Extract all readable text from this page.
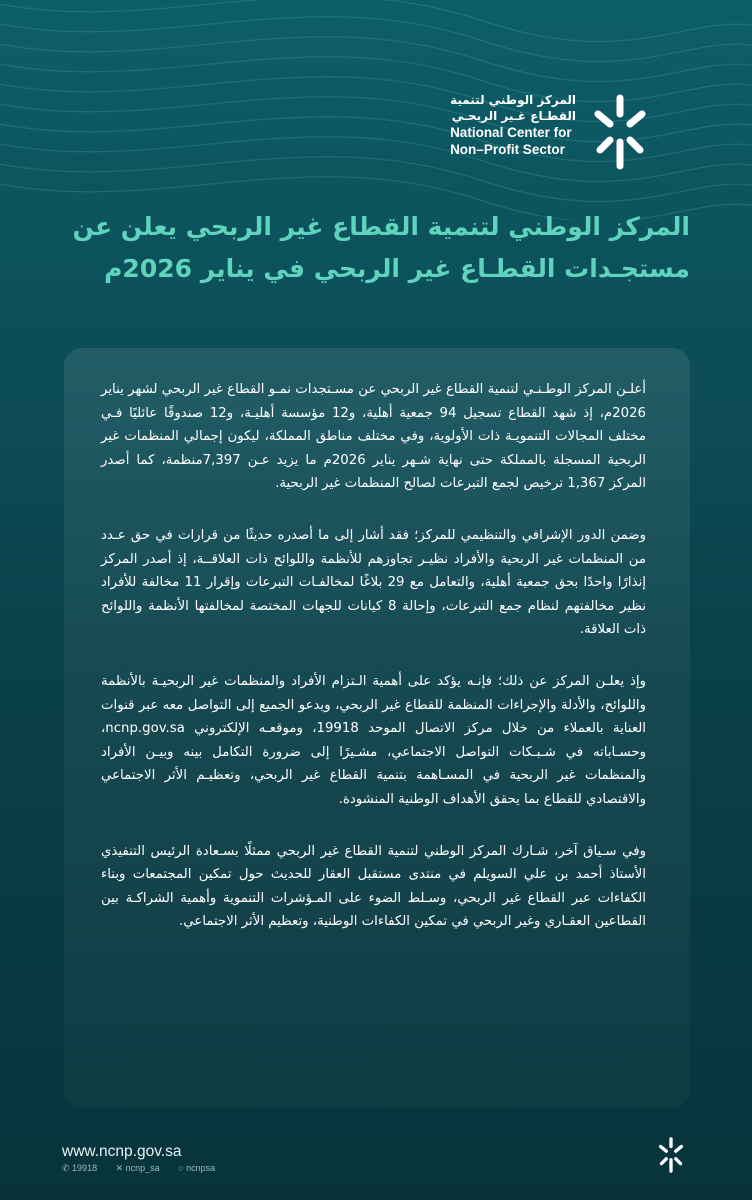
المركز الوطني لتنمية
القطـاع غـير الربحـي
National Center for
Non–Profit Sector
المركز الوطني لتنمية القطاع غير الربحي يعلن عن
مستجـدات القطـاع غير الربحي في يناير 2026م

أعلـن المركز الوطـنـي لتنمية القطاع غير الربحي عن مسـتجدات نمـو القطاع غير الربحي لشهر يناير 2026م، إذ شهد القطاع تسجيل 94 جمعية أهلية، و12 مؤسسة أهليـة، و12 صندوقًا عائليًا فـي مختلف المجالات التنمويـة ذات الأولوية، وفي مختلف مناطق المملكة، ليكون إجمالي المنظمات غير الربحية المسجلة بالمملكة حتى نهاية شـهر يناير 2026م ما يزيد عـن 7,397منظمة، كما أصدر المركز 1,367 ترخيص لجمع التبرعات لصالح المنظمات غير الربحية.

وضمن الدور الإشرافي والتنظيمي للمركز؛ فقد أشار إلى ما أصدره حديثًا من قرارات في حق عـدد من المنظمات غير الربحية والأفراد نظيـر تجاوزهم للأنظمة واللوائح ذات العلاقــة، إذ أصدر المركز إنذارًا واحدًا بحق جمعية أهلية، والتعامل مع 29 بلاغًا لمخالفـات التبرعات وإقرار 11 مخالفة للأفراد نظير مخالفتهم لنظام جمع التبرعات، وإحالة 8 كيانات للجهات المختصة لمخالفتها الأنظمة واللوائح ذات العلاقة.

وإذ يعلـن المركز عن ذلك؛ فإنـه يؤكد على أهمية الـتزام الأفراد والمنظمات غير الربحيـة بالأنظمة واللوائح، والأدلة والإجراءات المنظمة للقطاع غير الربحي، ويدعو الجميع إلى التواصل معه عبر قنوات العناية بالعملاء من خلال مركز الاتصال الموحد 19918، وموقعـه الإلكتروني ncnp.gov.sa، وحسـاباته في شـبـكات التواصل الاجتماعي، مشـيرًا إلى ضرورة التكامل بينه وبيـن الأفراد والمنظمات غير الربحية في المسـاهمة بتنمية القطاع غير الربحي، وتعظيـم الأثر الاجتماعي والاقتصادي للقطاع بما يحقق الأهداف الوطنية المنشودة.

وفي سـياق آخر، شـارك المركز الوطني لتنمية القطاع غير الربحي ممثلًا بسـعادة الرئيس التنفيذي الأستاذ أحمد بن علي السويلم في منتدى مستقبل العقار للحديث حول تمكين المجتمعات وبناء الكفاءات عبر القطاع غير الربحي، وسـلط الضوء على المـؤشرات التنموية وأهمية الشراكـة بين القطاعين العقـاري وغير الربحي في تمكين الكفاءات الوطنية، وتعظيم الأثر الاجتماعي.

www.ncnp.gov.sa
✆ 19918 ✕ ncnp_sa ○ ncnpsa
